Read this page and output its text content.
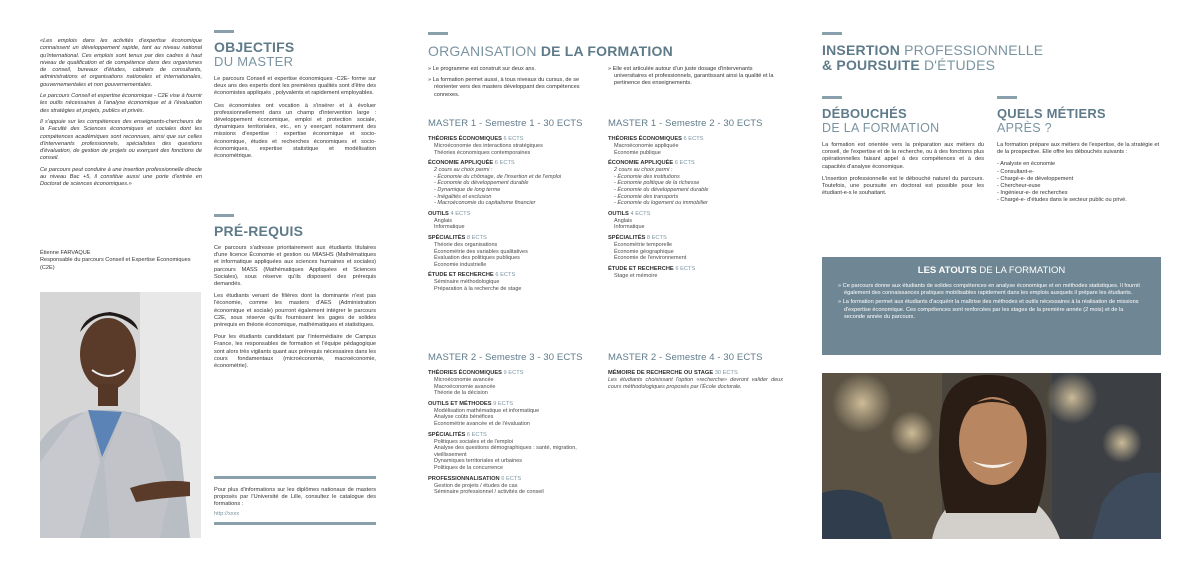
«Les emplois dans les activités d'expertise économique connaissent un développement rapide, tant au niveau national qu'international. Ces emplois sont tenus par des cadres à haut niveau de qualification et de compétence dans des organismes de conseil, bureaux d'études, cabinets de consultants, administrations et organisations nationales et internationales, gouvernementales et non gouvernementales.

Le parcours Conseil et expertise économique - C2E vise à fournir les outils nécessaires à l'analyse économique et à l'évaluation des stratégies et projets, publics et privés.

Il s'appuie sur les compétences des enseignants-chercheurs de la Faculté des Sciences économiques et sociales dont les compétences académiques sont reconnues, ainsi que sur celles d'intervenants professionnels, spécialistes des questions d'évaluation, de gestion de projets ou exerçant des fonctions de conseil.

Ce parcours peut conduire à une insertion professionnelle directe au niveau Bac +5, il constitue aussi une porte d'entrée en Doctorat de sciences économiques.»

Étienne FARVAQUE
Responsable du parcours Conseil et Expertise Économiques (C2E)
OBJECTIFS
DU MASTER

Le parcours Conseil et expertise économiques -C2E- forme sur deux ans des experts dont les premières qualités sont d'être des économistes appliqués , polyvalents et rapidement employables.

Ces économistes ont vocation à s'insérer et à évoluer professionnellement dans un champ d'intervention large : développement économique, emploi et protection sociale, dynamiques territoriales, etc., en y exerçant notamment des missions d'expertise : expertise économique et socio-économique, études et recherches économiques et socio-économiques, expertise statistique et modélisation économétrique.

PRÉ-REQUIS

Ce parcours s'adresse prioritairement aux étudiants titulaires d'une licence Économie et gestion ou MIASHS (Mathématiques et informatique appliquées aux sciences humaines et sociales) parcours MASS (Mathématiques Appliquées et Sciences Sociales), sous réserve qu'ils disposent des prérequis demandés.

Les étudiants venant de filières dont la dominante n'est pas l'économie, comme les masters d'AES (Administration économique et sociale) pourront également intégrer le parcours C2E, sous réserve qu'ils fournissent les gages de solides prérequis en théorie économique, mathématiques et statistiques.

Pour les étudiants candidatant par l'intermédiaire de Campus France, les responsables de formation et l'équipe pédagogique sont alors très vigilants quant aux prérequis nécessaires dans les cours fondamentaux (microéconomie, macroéconomie, économétrie).

Pour plus d'informations sur les diplômes nationaux de masters proposés par l'Université de Lille, consultez le catalogue des formations :
http://xxxx
ORGANISATION DE LA FORMATION

» Le programme est construit sur deux ans.

» La formation permet aussi, à tous niveaux du cursus, de se réorienter vers des masters développant des compétences connexes.

» Elle est articulée autour d'un juste dosage d'intervenants universitaires et professionnels, garantissant ainsi la qualité et la pertinence des enseignements.

MASTER 1 - Semestre 1 - 30 ECTS
THÉORIES ÉCONOMIQUES 6 ECTS
Microéconomie des interactions stratégiques
Théories économiques contemporaines
ÉCONOMIE APPLIQUÉE 6 ECTS
2 cours au choix parmi :
- Économie du chômage, de l'insertion et de l'emploi
- Économie du développement durable
- Dynamique de long terme
- Inégalités et exclusion
- Macroéconomie du capitalisme financier
OUTILS 4 ECTS
Anglais
Informatique
SPÉCIALITÉS 8 ECTS
Théorie des organisations
Économétrie des variables qualitatives
Évaluation des politiques publiques
Économie industrielle
ÉTUDE ET RECHERCHE 6 ECTS
Séminaire méthodologique
Préparation à la recherche de stage
MASTER 1 - Semestre 2 - 30 ECTS
THÉORIES ÉCONOMIQUES 6 ECTS
Macroéconomie appliquée
Économie publique
ÉCONOMIE APPLIQUÉE 6 ECTS
2 cours au choix parmi :
- Économie des institutions
- Économie politique de la richesse
- Économie du développement durable
- Économie des transports
- Économie du logement ou immobilier
OUTILS 4 ECTS
Anglais
Informatique
SPÉCIALITÉS 8 ECTS
Économétrie temporelle
Économie géographique
Économie de l'environnement
ÉTUDE ET RECHERCHE 6 ECTS
Stage et mémoire
MASTER 2 - Semestre 3 - 30 ECTS
THÉORIES ÉCONOMIQUES 9 ECTS
Microéconomie avancée
Macroéconomie avancée
Théorie de la décision
OUTILS ET MÉTHODES 9 ECTS
Modélisation mathématique et informatique
Analyse coûts bénéfices
Économétrie avancée et de l'évaluation
SPÉCIALITÉS 6 ECTS
Politiques sociales et de l'emploi
Analyse des questions démographiques : santé, migration, vieillissement
Dynamiques territoriales et urbaines
Politiques de la concurrence
PROFESSIONNALISATION 6 ECTS
Gestion de projets / études de cas
Séminaire professionnel / activités de conseil
MASTER 2 - Semestre 4 - 30 ECTS
MÉMOIRE DE RECHERCHE OU STAGE 30 ECTS
Les étudiants choisissant l'option «recherche» devront valider deux cours méthodologiques proposés par l'École doctorale.
INSERTION PROFESSIONNELLE
& POURSUITE D'ÉTUDES
DÉBOUCHÉS
DE LA FORMATION

La formation est orientée vers la préparation aux métiers du conseil, de l'expertise et de la recherche, ou à des fonctions plus opérationnelles faisant appel à des compétences et à des capacités d'analyse économique.

L'insertion professionnelle est le débouché naturel du parcours. Toutefois, une poursuite en doctorat est possible pour les étudiant-e-s le souhaitant.

QUELS MÉTIERS
APRÈS ?
La formation prépare aux métiers de l'expertise, de la stratégie et de la prospective. Elle offre les débouchés suivants :
- Analyste en économie
- Consultant-e-
- Chargé-e- de développement
- Chercheur-euse
- Ingénieur-e- de recherches
- Chargé-e- d'études dans le secteur public ou privé.
LES ATOUTS DE LA FORMATION
» Ce parcours donne aux étudiants de solides compétences en analyse économique et en méthodes statistiques. Il fournit également des connaissances pratiques mobilisables rapidement dans les emplois auxquels il prépare les étudiants.
» La formation permet aux étudiants d'acquérir la maîtrise des méthodes et outils nécessaires à la réalisation de missions d'expertise économique. Ces compétences sont renforcées par les stages de la première année (2 mois) et de la seconde année du parcours.
